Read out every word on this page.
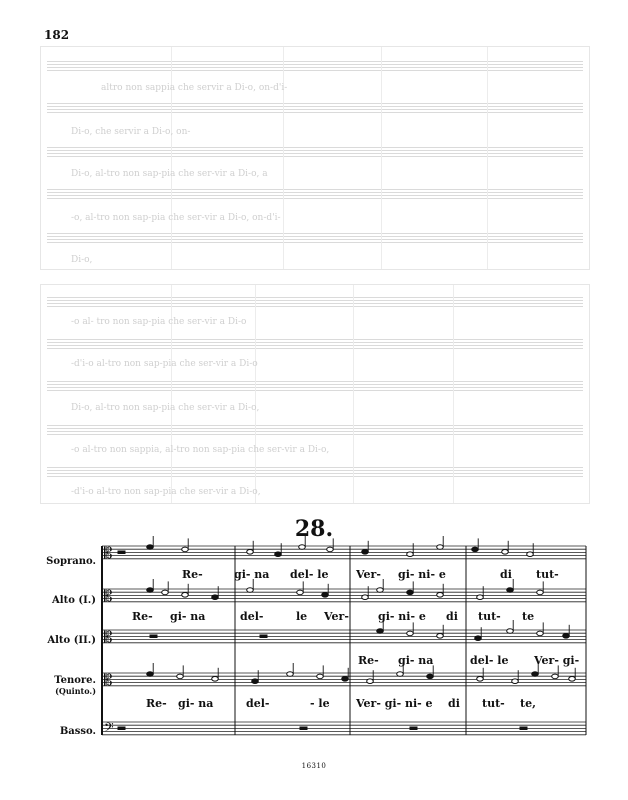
182
altro non sappia che servir a Di-o, on-d'i-
Di-o, che servir a Di-o, on-
Di-o, al-tro non sap-pia che ser-vir a Di-o, a
-o, al-tro non sap-pia che ser-vir a Di-o, on-d'i-
Di-o,
-o al- tro non sap-pia che ser-vir a Di-o
-d'i-o al-tro non sap-pia che ser-vir a Di-o
Di-o, al-tro non sap-pia che ser-vir a Di-o,
-o al-tro non sappia, al-tro non sap-pia che ser-vir a Di-o,
-d'i-o al-tro non sap-pia che ser-vir a Di-o,
28.
Soprano.
Alto (I.)
Alto (II.)
Tenore.
(Quinto.)
Basso.
𝄡
𝄡
𝄡
𝄡
𝄢
Re-	gi- na del- le	Ver- gi- ni- e	di tut-
Re- gi- na	del-	le Ver-	gi- ni- e di tut- te
Re- gi- na	del- le Ver- gi-
Re- gi- na	del-	- le Ver- gi- ni- e di tut- te,
16310
